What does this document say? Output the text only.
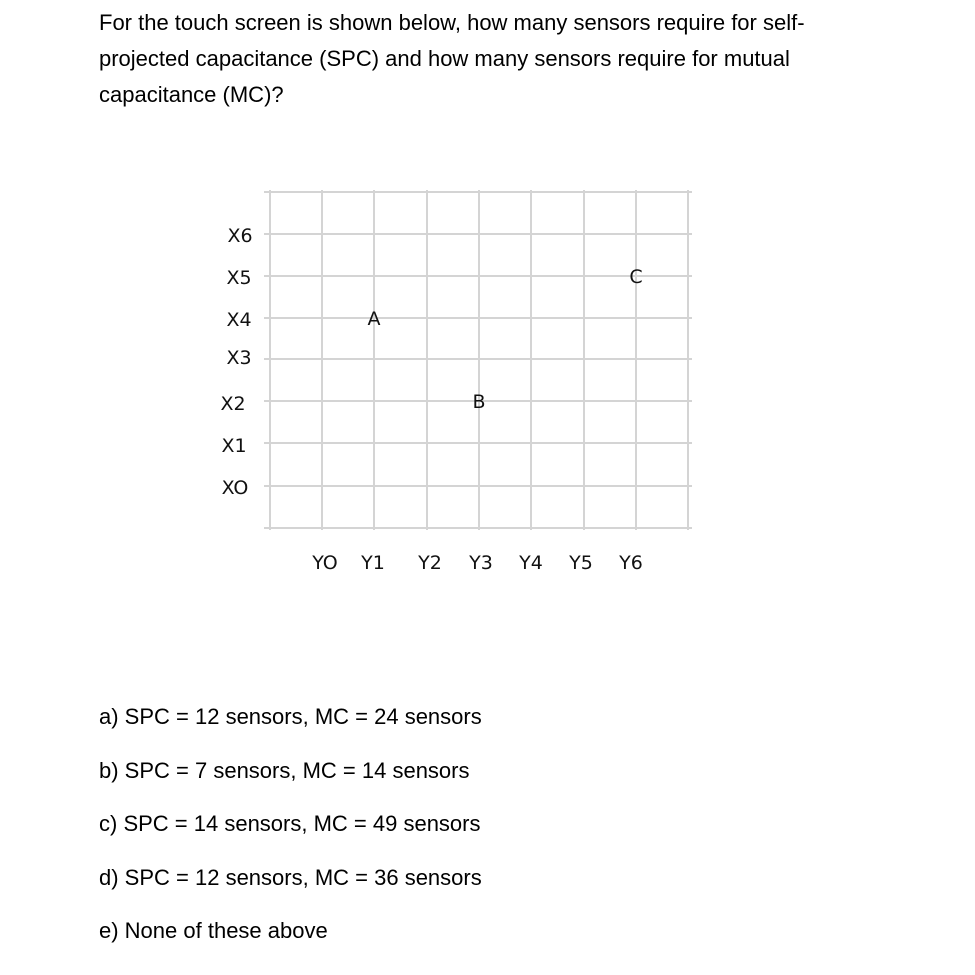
For the touch screen is shown below, how many sensors require for self-
projected capacitance (SPC) and how many sensors require for mutual
capacitance (MC)?
X6
X5
X4
X3
X2
X1
XO
YO Y1 Y2 Y3 Y4 Y5 Y6
A
B
C
a) SPC = 12 sensors, MC = 24 sensors
b) SPC = 7 sensors, MC = 14 sensors
c) SPC = 14 sensors, MC = 49 sensors
d) SPC = 12 sensors, MC = 36 sensors
e) None of these above
